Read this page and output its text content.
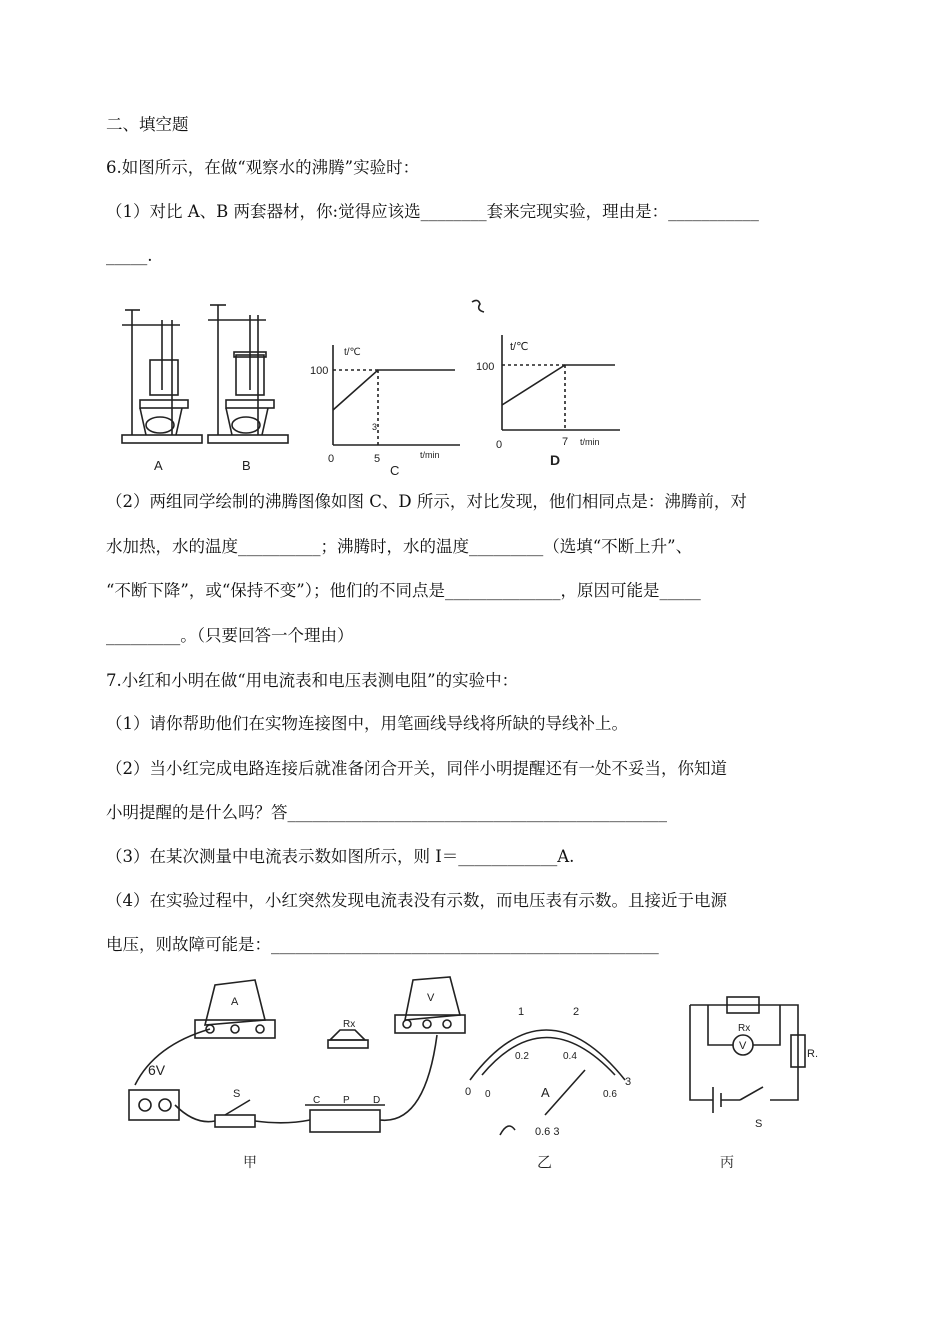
二、填空题
6.如图所示，在做“观察水的沸腾”实验时：
（1）对比 A、B 两套器材，你:觉得应该选________套来完现实验，理由是：___________
_____.
A	B
t/℃
100
0	5
3
t/min
C
t/℃
100
0	7 t/min
D
（2）两组同学绘制的沸腾图像如图 C、D 所示，对比发现，他们相同点是：沸腾前，对
水加热，水的温度__________；沸腾时，水的温度_________（选填“不断上升”、
“不断下降”，或“保持不变”）；他们的不同点是______________，原因可能是_____
_________。（只要回答一个理由）
7.小红和小明在做“用电流表和电压表测电阻”的实验中：
（1）请你帮助他们在实物连接图中，用笔画线导线将所缺的导线补上。
（2）当小红完成电路连接后就准备闭合开关，同伴小明提醒还有一处不妥当，你知道
小明提醒的是什么吗？答______________________________________________
（3）在某次测量中电流表示数如图所示，则 I＝____________A.
（4）在实验过程中，小红突然发现电流表没有示数，而电压表有示数。且接近于电源
电压，则故障可能是：_______________________________________________
6V
S
C P D
Rx
A	V
甲
0
1	2
3
0
0.2	0.4
0.6
A
0.6 3
乙
V
Rx
R.
S
丙
